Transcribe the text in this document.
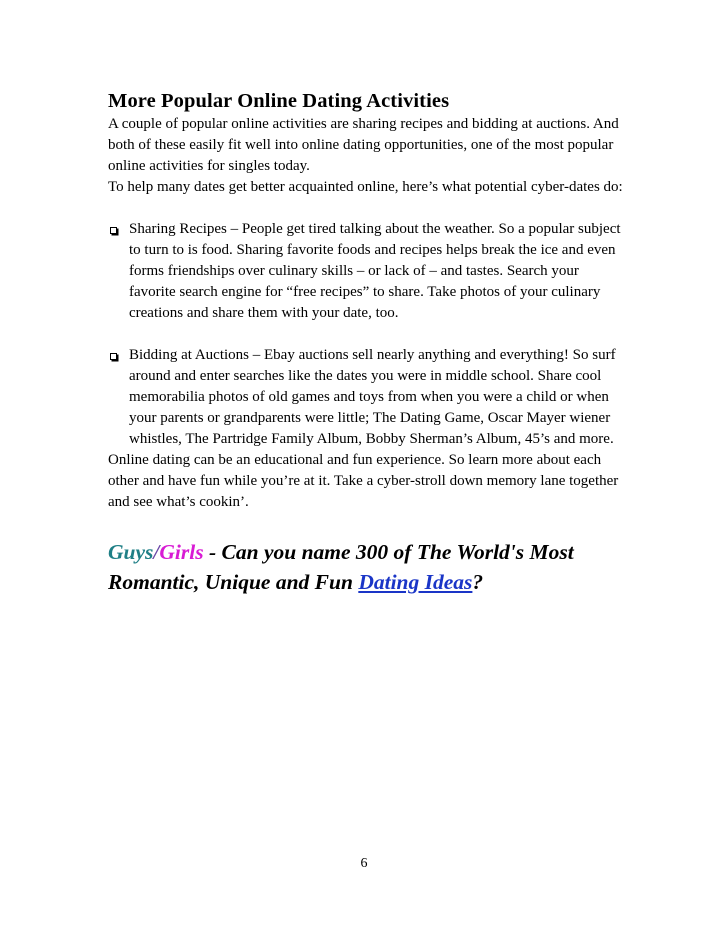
More Popular Online Dating Activities

A couple of popular online activities are sharing recipes and bidding at auctions. And both of these easily fit well into online dating opportunities, one of the most popular online activities for singles today.

To help many dates get better acquainted online, here’s what potential cyber-dates do:

Sharing Recipes – People get tired talking about the weather. So a popular subject to turn to is food. Sharing favorite foods and recipes helps break the ice and even forms friendships over culinary skills – or lack of – and tastes. Search your favorite search engine for “free recipes” to share. Take photos of your culinary creations and share them with your date, too.
Bidding at Auctions – Ebay auctions sell nearly anything and everything! So surf around and enter searches like the dates you were in middle school. Share cool memorabilia photos of old games and toys from when you were a child or when your parents or grandparents were little; The Dating Game, Oscar Mayer wiener whistles, The Partridge Family Album, Bobby Sherman’s Album, 45’s and more.

Online dating can be an educational and fun experience. So learn more about each other and have fun while you’re at it. Take a cyber-stroll down memory lane together and see what’s cookin’.

Guys/Girls - Can you name 300 of The World's Most Romantic, Unique and Fun Dating Ideas?

6
